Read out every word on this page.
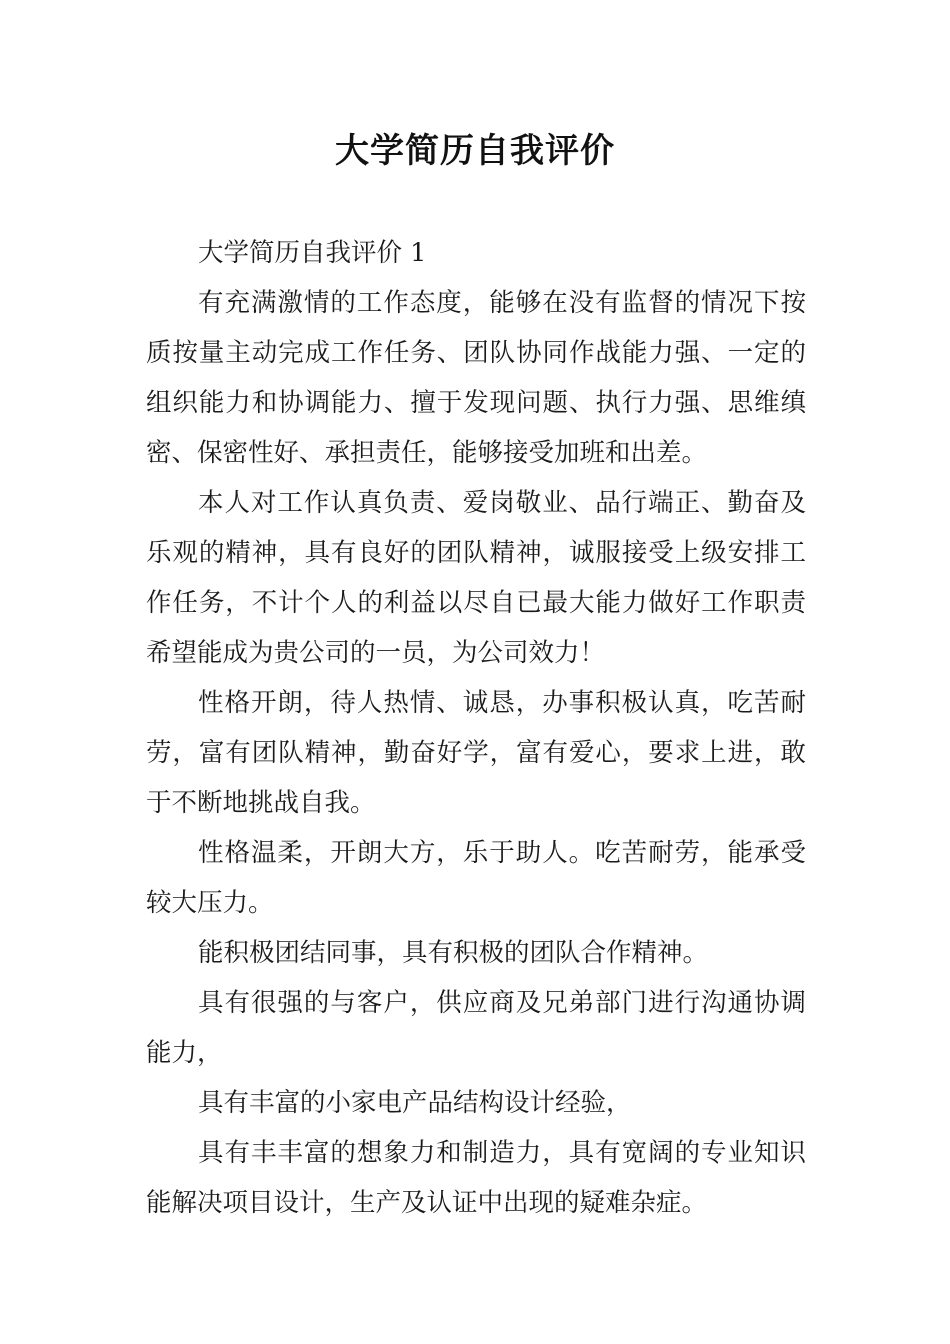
大学简历自我评价

大学简历自我评价 1

有充满激情的工作态度，能够在没有监督的情况下按质按量主动完成工作任务、团队协同作战能力强、一定的组织能力和协调能力、擅于发现问题、执行力强、思维缜密、保密性好、承担责任，能够接受加班和出差。

本人对工作认真负责、爱岗敬业、品行端正、勤奋及乐观的精神，具有良好的团队精神，诚服接受上级安排工作任务，不计个人的利益以尽自已最大能力做好工作职责希望能成为贵公司的一员，为公司效力！

性格开朗，待人热情、诚恳，办事积极认真，吃苦耐劳，富有团队精神，勤奋好学，富有爱心，要求上进，敢于不断地挑战自我。

性格温柔，开朗大方，乐于助人。吃苦耐劳，能承受较大压力。

能积极团结同事，具有积极的团队合作精神。

具有很强的与客户，供应商及兄弟部门进行沟通协调能力，

具有丰富的小家电产品结构设计经验，

具有丰丰富的想象力和制造力，具有宽阔的专业知识能解决项目设计，生产及认证中出现的疑难杂症。
